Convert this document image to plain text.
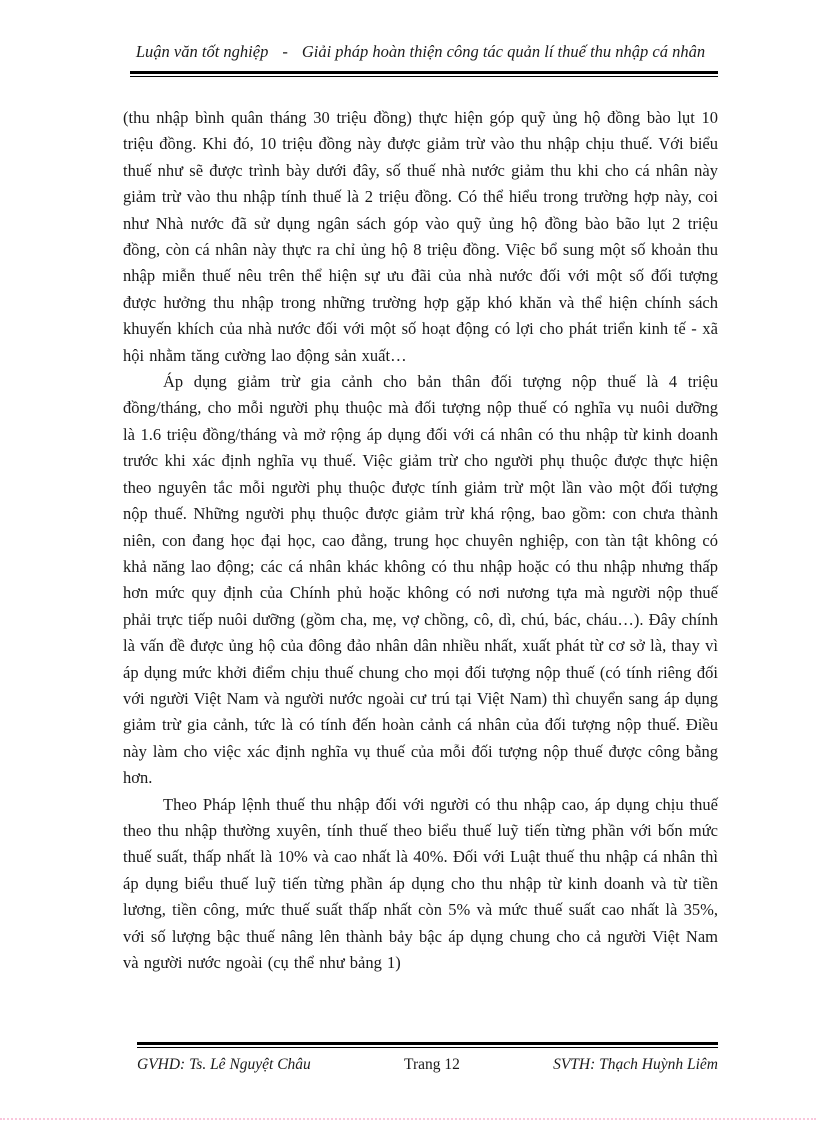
Luận văn tốt nghiệp - Giải pháp hoàn thiện công tác quản lí thuế thu nhập cá nhân

(thu nhập bình quân tháng 30 triệu đồng) thực hiện góp quỹ ủng hộ đồng bào lụt 10 triệu đồng. Khi đó, 10 triệu đồng này được giảm trừ vào thu nhập chịu thuế. Với biểu thuế như sẽ được trình bày dưới đây, số thuế nhà nước giảm thu khi cho cá nhân này giảm trừ vào thu nhập tính thuế là 2 triệu đồng. Có thể hiểu trong trường hợp này, coi như Nhà nước đã sử dụng ngân sách góp vào quỹ ủng hộ đồng bào bão lụt 2 triệu đồng, còn cá nhân này thực ra chỉ ủng hộ 8 triệu đồng. Việc bổ sung một số khoản thu nhập miễn thuế nêu trên thể hiện sự ưu đãi của nhà nước đối với một số đối tượng được hưởng thu nhập trong những trường hợp gặp khó khăn và thể hiện chính sách khuyến khích của nhà nước đối với một số hoạt động có lợi cho phát triển kinh tế - xã hội nhằm tăng cường lao động sản xuất…

Áp dụng giảm trừ gia cảnh cho bản thân đối tượng nộp thuế là 4 triệu đồng/tháng, cho mỗi người phụ thuộc mà đối tượng nộp thuế có nghĩa vụ nuôi dưỡng là 1.6 triệu đồng/tháng và mở rộng áp dụng đối với cá nhân có thu nhập từ kinh doanh trước khi xác định nghĩa vụ thuế. Việc giảm trừ cho người phụ thuộc được thực hiện theo nguyên tắc mỗi người phụ thuộc được tính giảm trừ một lần vào một đối tượng nộp thuế. Những người phụ thuộc được giảm trừ khá rộng, bao gồm: con chưa thành niên, con đang học đại học, cao đẳng, trung học chuyên nghiệp, con tàn tật không có khả năng lao động; các cá nhân khác không có thu nhập hoặc có thu nhập nhưng thấp hơn mức quy định của Chính phủ hoặc không có nơi nương tựa mà người nộp thuế phải trực tiếp nuôi dưỡng (gồm cha, mẹ, vợ chồng, cô, dì, chú, bác, cháu…). Đây chính là vấn đề được ủng hộ của đông đảo nhân dân nhiều nhất, xuất phát từ cơ sở là, thay vì áp dụng mức khởi điểm chịu thuế chung cho mọi đối tượng nộp thuế (có tính riêng đối với người Việt Nam và người nước ngoài cư trú tại Việt Nam) thì chuyển sang áp dụng giảm trừ gia cảnh, tức là có tính đến hoàn cảnh cá nhân của đối tượng nộp thuế. Điều này làm cho việc xác định nghĩa vụ thuế của mỗi đối tượng nộp thuế được công bằng hơn.

Theo Pháp lệnh thuế thu nhập đối với người có thu nhập cao, áp dụng chịu thuế theo thu nhập thường xuyên, tính thuế theo biểu thuế luỹ tiến từng phần với bốn mức thuế suất, thấp nhất là 10% và cao nhất là 40%. Đối với Luật thuế thu nhập cá nhân thì áp dụng biểu thuế luỹ tiến từng phần áp dụng cho thu nhập từ kinh doanh và từ tiền lương, tiền công, mức thuế suất thấp nhất còn 5% và mức thuế suất cao nhất là 35%, với số lượng bậc thuế nâng lên thành bảy bậc áp dụng chung cho cả người Việt Nam và người nước ngoài (cụ thể như bảng 1)

GVHD: Ts. Lê Nguyệt Châu	Trang 12	SVTH: Thạch Huỳnh Liêm
